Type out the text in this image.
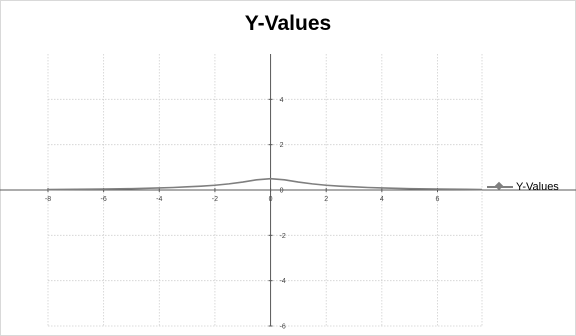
Y-Values
-8	-6	-4	-2	0	2	4	6
-6
-4
-2
0
2
4
Y-Values
